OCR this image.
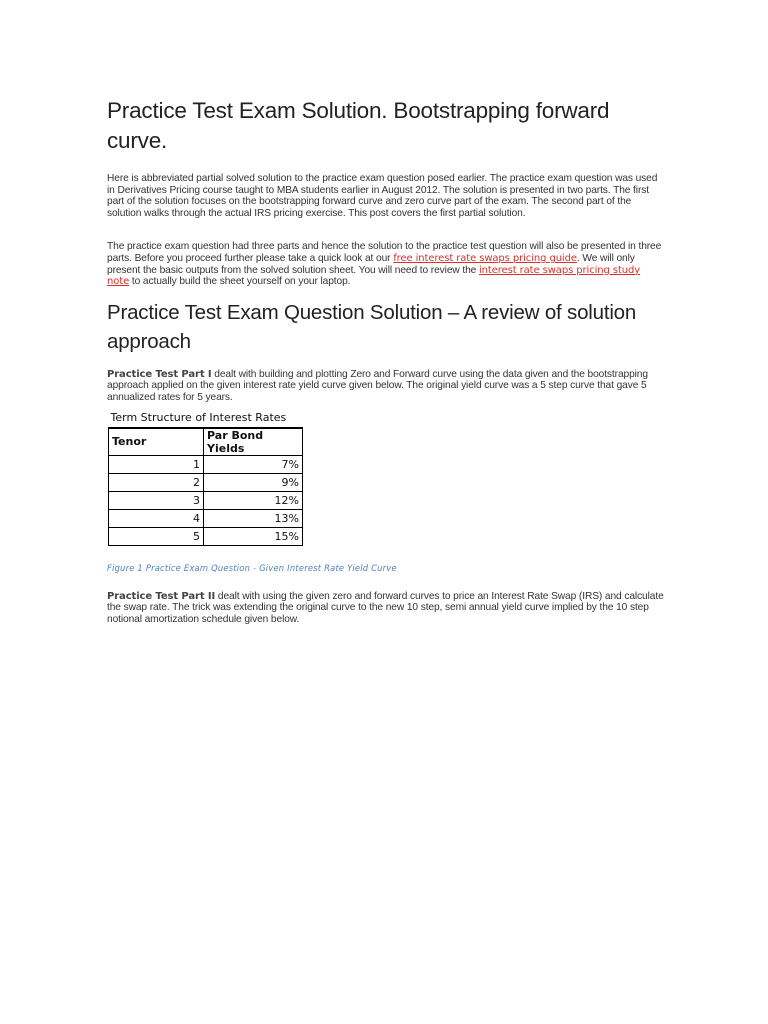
Practice Test Exam Solution. Bootstrapping forward curve.

Here is abbreviated partial solved solution to the practice exam question posed earlier. The practice exam question was used in Derivatives Pricing course taught to MBA students earlier in August 2012. The solution is presented in two parts. The first part of the solution focuses on the bootstrapping forward curve and zero curve part of the exam. The second part of the solution walks through the actual IRS pricing exercise. This post covers the first partial solution.

The practice exam question had three parts and hence the solution to the practice test question will also be presented in three parts. Before you proceed further please take a quick look at our free interest rate swaps pricing guide. We will only present the basic outputs from the solved solution sheet. You will need to review the interest rate swaps pricing study note to actually build the sheet yourself on your laptop.

Practice Test Exam Question Solution – A review of solution approach

Practice Test Part I dealt with building and plotting Zero and Forward curve using the data given and the bootstrapping approach applied on the given interest rate yield curve given below. The original yield curve was a 5 step curve that gave 5 annualized rates for 5 years.

Term Structure of Interest Rates	
Tenor	Par Bond Yields
1	7%
2	9%
3	12%
4	13%
5	15%
Figure 1 Practice Exam Question - Given Interest Rate Yield Curve

Practice Test Part II dealt with using the given zero and forward curves to price an Interest Rate Swap (IRS) and calculate the swap rate. The trick was extending the original curve to the new 10 step, semi annual yield curve implied by the 10 step notional amortization schedule given below.
